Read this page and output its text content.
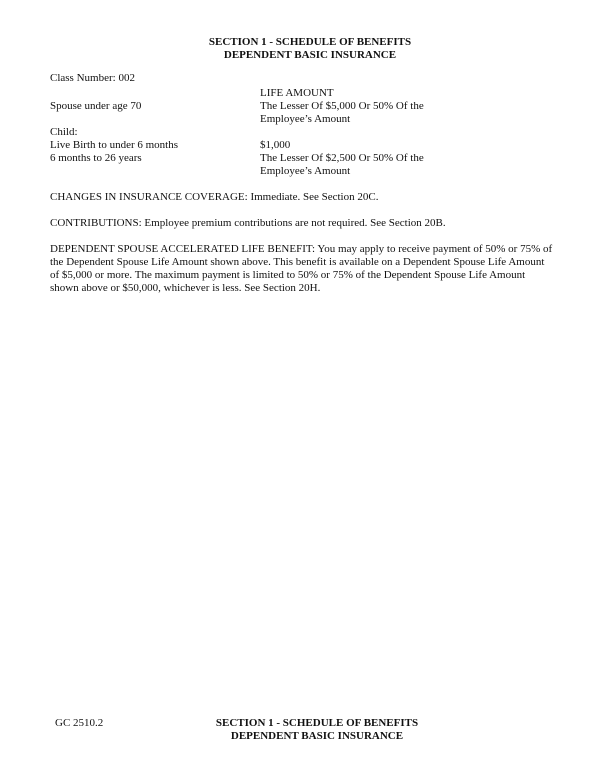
SECTION 1 - SCHEDULE OF BENEFITS
DEPENDENT BASIC INSURANCE
Class Number: 002
LIFE AMOUNT
Spouse under age 70	The Lesser Of $5,000 Or 50% Of the
Employee’s Amount
Child:
Live Birth to under 6 months	$1,000
6 months to 26 years	The Lesser Of $2,500 Or 50% Of the
Employee’s Amount
CHANGES IN INSURANCE COVERAGE: Immediate. See Section 20C.
CONTRIBUTIONS: Employee premium contributions are not required. See Section 20B.
DEPENDENT SPOUSE ACCELERATED LIFE BENEFIT: You may apply to receive payment of 50% or 75% of the Dependent Spouse Life Amount shown above. This benefit is available on a Dependent Spouse Life Amount of $5,000 or more. The maximum payment is limited to 50% or 75% of the Dependent Spouse Life Amount shown above or $50,000, whichever is less. See Section 20H.
GC 2510.2	SECTION 1 - SCHEDULE OF BENEFITS
DEPENDENT BASIC INSURANCE
